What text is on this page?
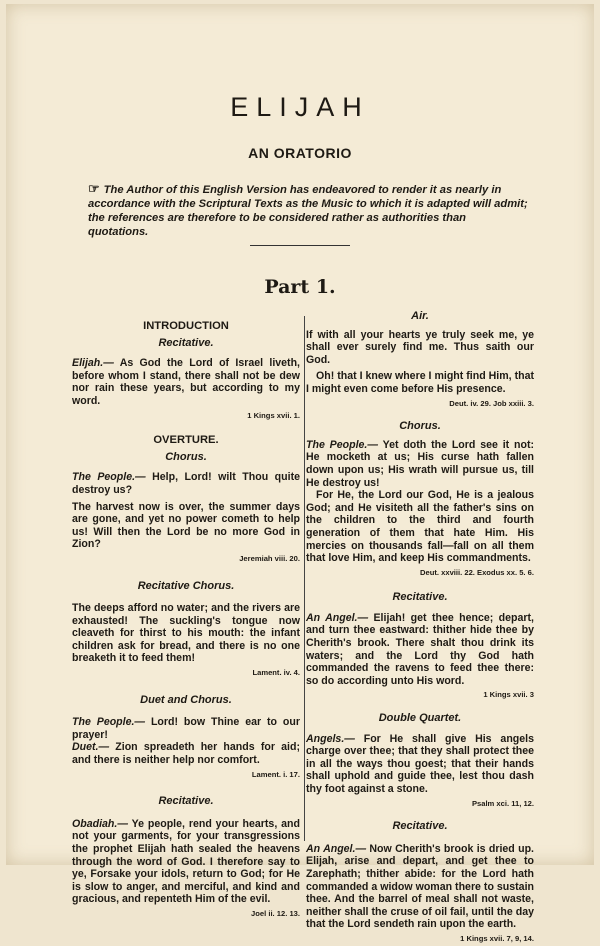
ELIJAH
AN ORATORIO
☞ The Author of this English Version has endeavored to render it as nearly in accordance with the Scriptural Texts as the Music to which it is adapted will admit; the references are therefore to be considered rather as authorities than quotations.
Part 1.
INTRODUCTION
Recitative.

Elijah.— As God the Lord of Israel liveth, before whom I stand, there shall not be dew nor rain these years, but according to my word.

1 Kings xvii. 1.
OVERTURE.
Chorus.

The People.— Help, Lord! wilt Thou quite destroy us?

The harvest now is over, the summer days are gone, and yet no power cometh to help us! Will then the Lord be no more God in Zion?

Jeremiah viii. 20.
Recitative Chorus.

The deeps afford no water; and the rivers are exhausted! The suckling's tongue now cleaveth for thirst to his mouth: the infant children ask for bread, and there is no one breaketh it to feed them!

Lament. iv. 4.
Duet and Chorus.

The People.— Lord! bow Thine ear to our prayer!
Duet.— Zion spreadeth her hands for aid; and there is neither help nor comfort.

Lament. i. 17.
Recitative.

Obadiah.— Ye people, rend your hearts, and not your garments, for your transgressions the prophet Elijah hath sealed the heavens through the word of God. I therefore say to ye, Forsake your idols, return to God; for He is slow to anger, and merciful, and kind and gracious, and repenteth Him of the evil.

Joel ii. 12. 13.
Air.

If with all your hearts ye truly seek me, ye shall ever surely find me. Thus saith our God.

Oh! that I knew where I might find Him, that I might even come before His presence.

Deut. iv. 29. Job xxiii. 3.
Chorus.

The People.— Yet doth the Lord see it not: He mocketh at us; His curse hath fallen down upon us; His wrath will pursue us, till He destroy us!

For He, the Lord our God, He is a jealous God; and He visiteth all the father's sins on the children to the third and fourth generation of them that hate Him. His mercies on thousands fall—fall on all them that love Him, and keep His commandments.

Deut. xxviii. 22. Exodus xx. 5. 6.
Recitative.

An Angel.— Elijah! get thee hence; depart, and turn thee eastward: thither hide thee by Cherith's brook. There shalt thou drink its waters; and the Lord thy God hath commanded the ravens to feed thee there: so do according unto His word.

1 Kings xvii. 3
Double Quartet.

Angels.— For He shall give His angels charge over thee; that they shall protect thee in all the ways thou goest; that their hands shall uphold and guide thee, lest thou dash thy foot against a stone.

Psalm xci. 11, 12.
Recitative.

An Angel.— Now Cherith's brook is dried up. Elijah, arise and depart, and get thee to Zarephath; thither abide: for the Lord hath commanded a widow woman there to sustain thee. And the barrel of meal shall not waste, neither shall the cruse of oil fail, until the day that the Lord sendeth rain upon the earth.

1 Kings xvii. 7, 9, 14.
